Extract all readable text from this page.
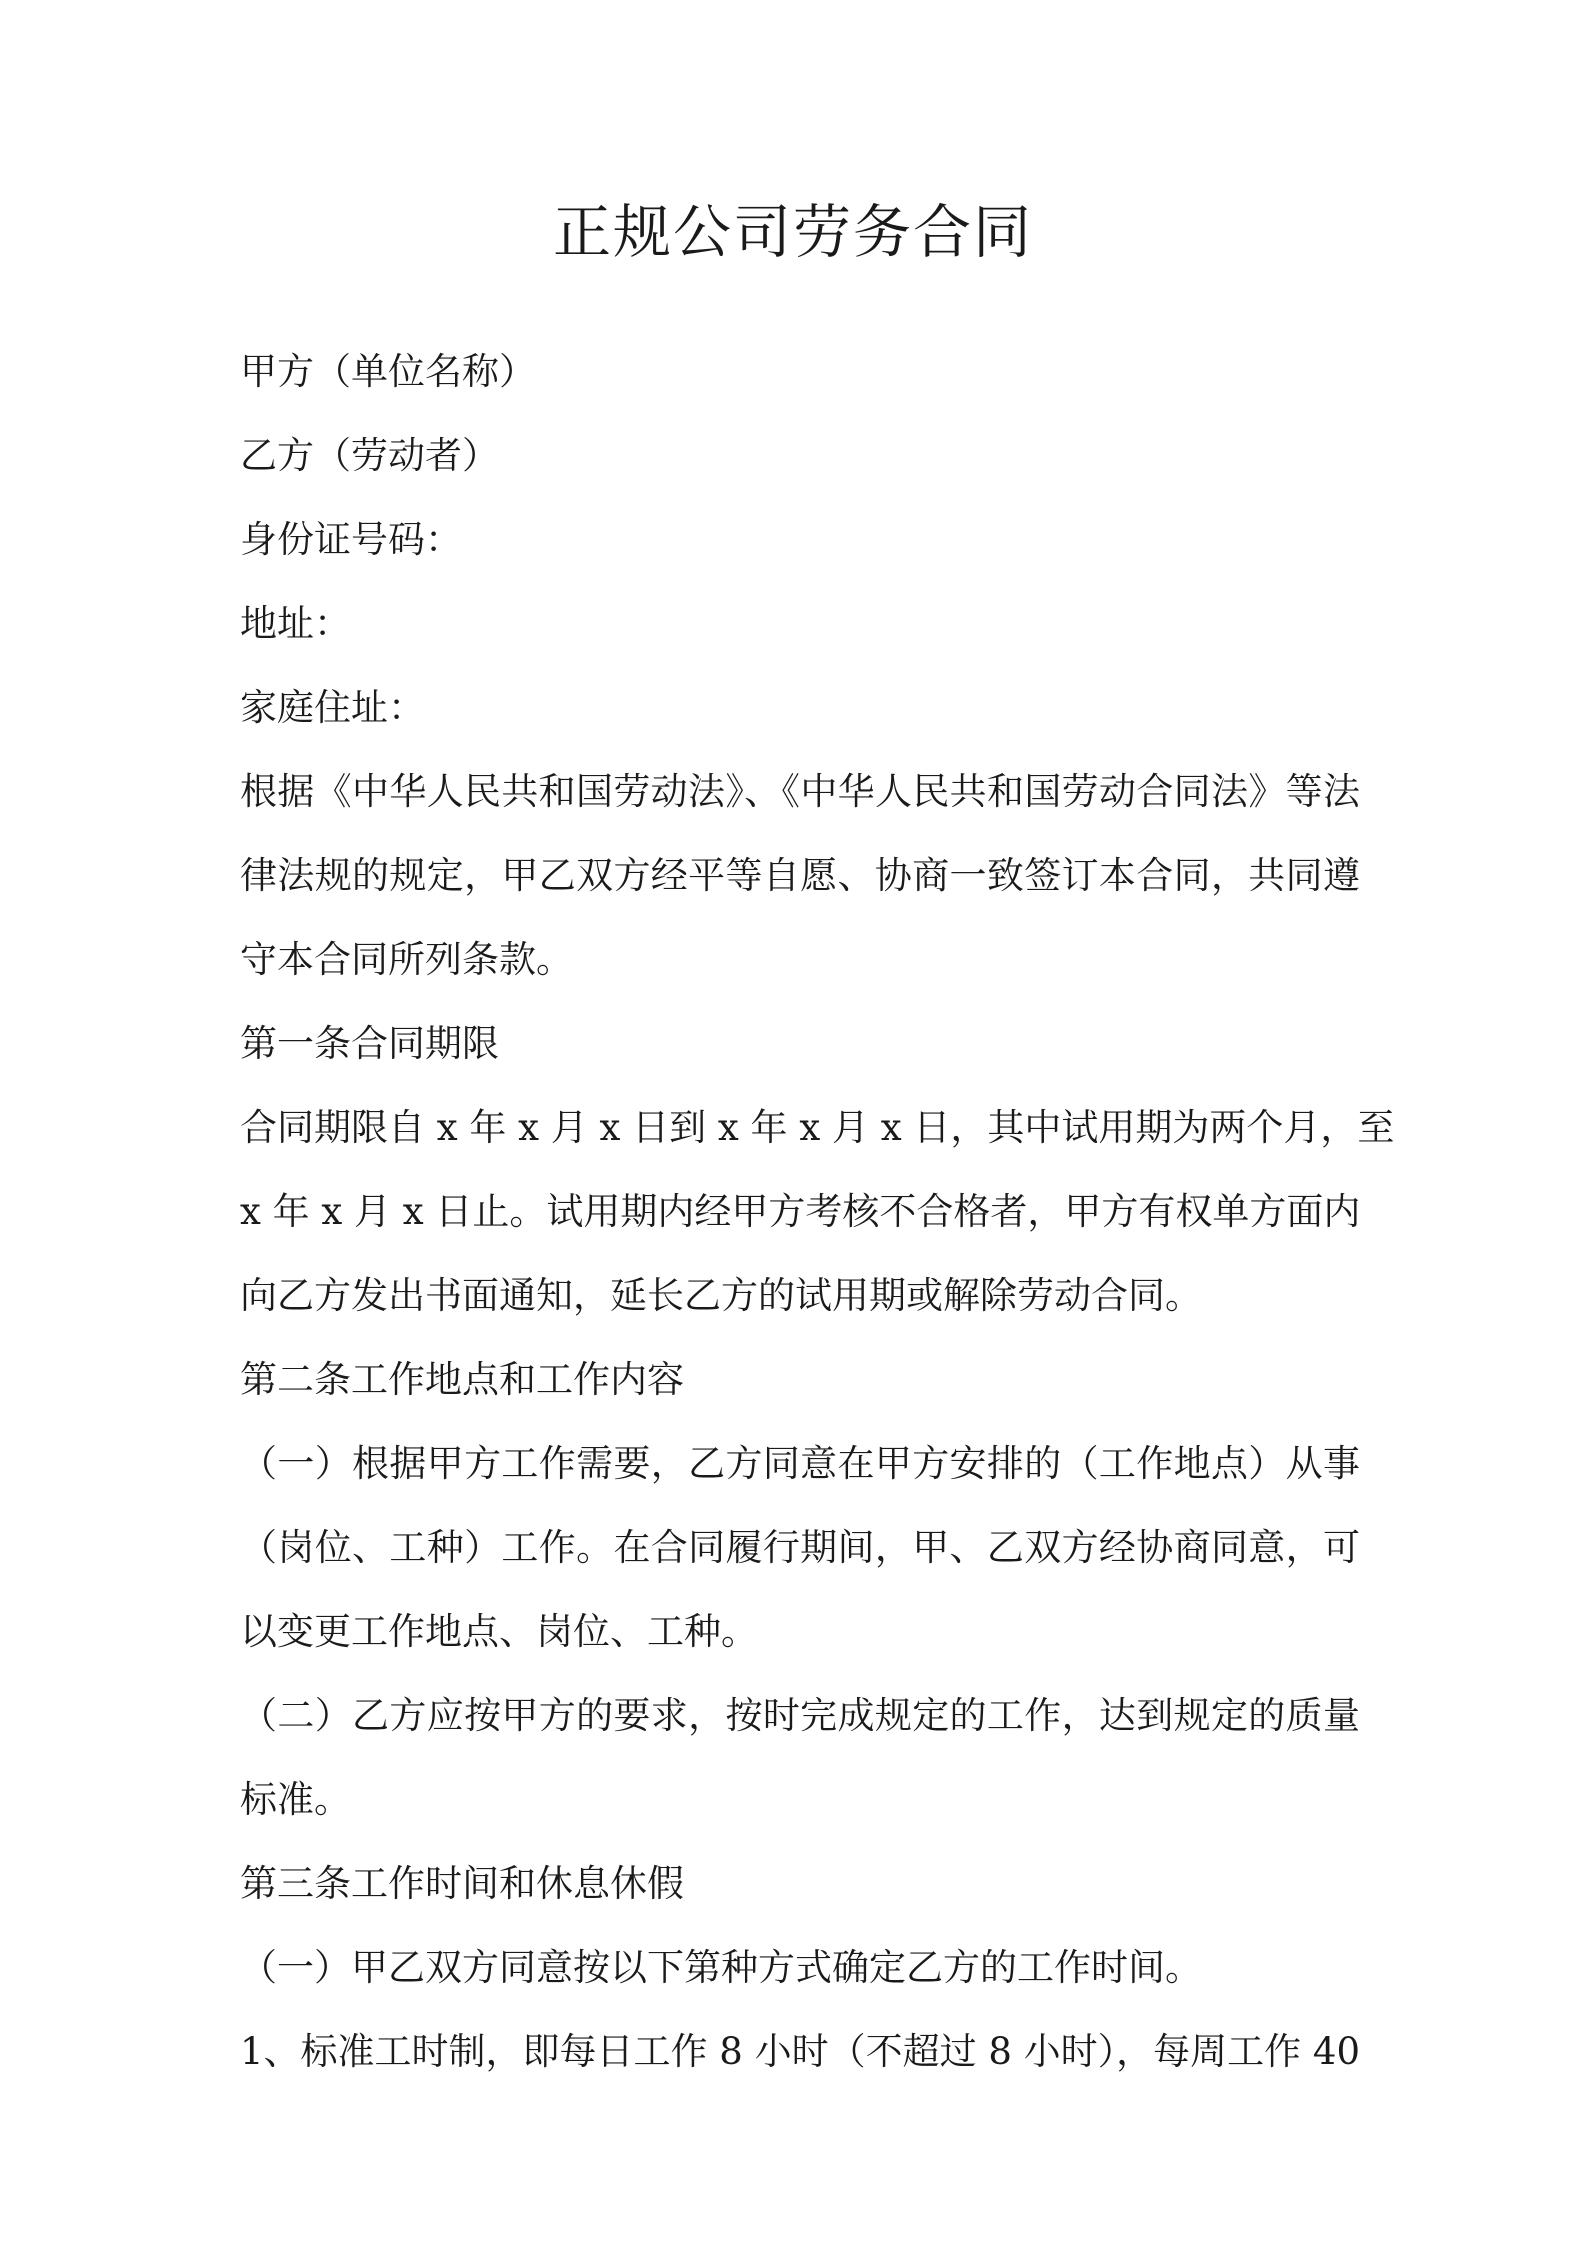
正规公司劳务合同
甲方（单位名称）
乙方（劳动者）
身份证号码：
地址：
家庭住址：
根据《中华人民共和国劳动法》、《中华人民共和国劳动合同法》等法
律法规的规定，甲乙双方经平等自愿、协商一致签订本合同，共同遵
守本合同所列条款。
第一条合同期限
合同期限自 x 年 x 月 x 日到 x 年 x 月 x 日，其中试用期为两个月，至
x 年 x 月 x 日止。试用期内经甲方考核不合格者，甲方有权单方面内
向乙方发出书面通知，延长乙方的试用期或解除劳动合同。
第二条工作地点和工作内容
（一）根据甲方工作需要，乙方同意在甲方安排的（工作地点）从事
（岗位、工种）工作。在合同履行期间，甲、乙双方经协商同意，可
以变更工作地点、岗位、工种。
（二）乙方应按甲方的要求，按时完成规定的工作，达到规定的质量
标准。
第三条工作时间和休息休假
（一）甲乙双方同意按以下第种方式确定乙方的工作时间。
1、标准工时制，即每日工作 8 小时（不超过 8 小时），每周工作 40
